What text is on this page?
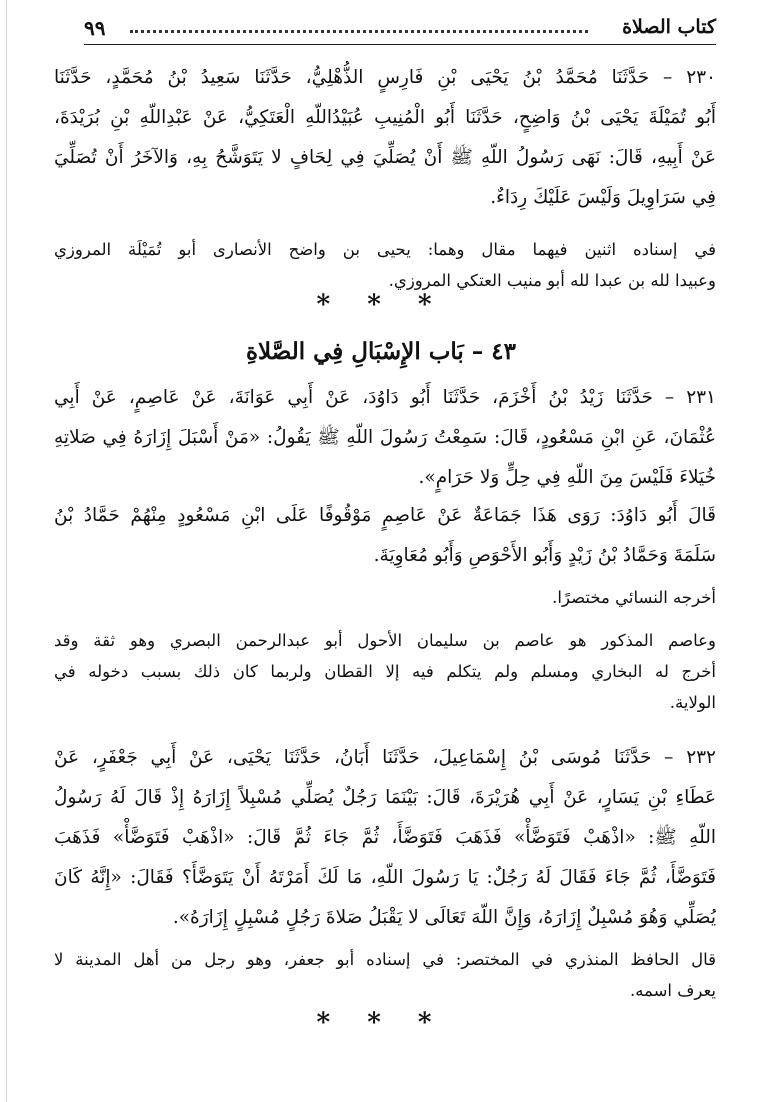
كتاب الصلاة
٩٩
٢٣٠ – حَدَّثَنَا مُحَمَّدُ بْنُ يَحْيَى بْنِ فَارِسٍ الذُّهْلِيُّ، حَدَّثَنَا سَعِيدُ بْنُ مُحَمَّدٍ، حَدَّثَنَا
أَبُو تُمَيْلَةَ يَحْيَى بْنُ وَاضِحٍ، حَدَّثَنَا أَبُو الْمُنِيبِ عُبَيْدُاللّهِ الْعَتَكِيُّ، عَنْ عَبْدِاللّهِ بْنِ بُرَيْدَةَ،
عَنْ أَبِيهِ، قَالَ: نَهَى رَسُولُ اللّهِ ﷺ أَنْ يُصَلِّيَ فِي لِحَافٍ لا يَتَوَشَّحُ بِهِ، وَالآخَرُ أَنْ تُصَلِّيَ
فِي سَرَاوِيلَ وَلَيْسَ عَلَيْكَ رِدَاءٌ.
في إسناده اثنين فيهما مقال وهما: يحيى بن واضح الأنصارى أبو تُمَيْلَة المروزي
وعبيدا لله بن عبدا لله أبو منيب العتكي المروزي.
* * *
٤٣ – بَاب الإِسْبَالِ فِي الصَّلاةِ
٢٣١ – حَدَّثَنَا زَيْدُ بْنُ أَخْزَمَ، حَدَّثَنَا أَبُو دَاوُدَ، عَنْ أَبِي عَوَانَةَ، عَنْ عَاصِمٍ، عَنْ أَبِي
عُثْمَانَ، عَنِ ابْنِ مَسْعُودٍ، قَالَ: سَمِعْتُ رَسُولَ اللّهِ ﷺ يَقُولُ: «مَنْ أَسْبَلَ إِزَارَهُ فِي صَلاتِهِ
خُيَلاءَ فَلَيْسَ مِنَ اللّهِ فِي حِلٍّ وَلا حَرَامٍ».
قَالَ أَبُو دَاوُدَ: رَوَى هَذَا جَمَاعَةٌ عَنْ عَاصِمٍ مَوْقُوفًا عَلَى ابْنِ مَسْعُودٍ مِنْهُمْ حَمَّادُ بْنُ
سَلَمَةَ وَحَمَّادُ بْنُ زَيْدٍ وَأَبُو الأَحْوَصِ وَأَبُو مُعَاوِيَةَ.
أخرجه النسائي مختصرًا.
وعاصم المذكور هو عاصم بن سليمان الأحول أبو عبدالرحمن البصري وهو ثقة وقد
أخرج له البخاري ومسلم ولم يتكلم فيه إلا القطان ولربما كان ذلك بسبب دخوله في
الولاية.
٢٣٢ – حَدَّثَنَا مُوسَى بْنُ إِسْمَاعِيلَ، حَدَّثَنَا أَبَانُ، حَدَّثَنَا يَحْيَى، عَنْ أَبِي جَعْفَرٍ، عَنْ
عَطَاءِ بْنِ يَسَارٍ، عَنْ أَبِي هُرَيْرَةَ، قَالَ: بَيْنَمَا رَجُلٌ يُصَلِّي مُسْبِلاً إِزَارَهُ إِذْ قَالَ لَهُ رَسُولُ
اللّهِ ﷺ: «اذْهَبْ فَتَوَضَّأْ» فَذَهَبَ فَتَوَضَّأَ، ثُمَّ جَاءَ ثُمَّ قَالَ: «اذْهَبْ فَتَوَضَّأْ» فَذَهَبَ
فَتَوَضَّأَ، ثُمَّ جَاءَ فَقَالَ لَهُ رَجُلٌ: يَا رَسُولَ اللّهِ، مَا لَكَ أَمَرْتَهُ أَنْ يَتَوَضَّأَ؟ فَقَالَ: «إِنَّهُ كَانَ
يُصَلِّي وَهُوَ مُسْبِلٌ إِزَارَهُ، وَإِنَّ اللّهَ تَعَالَى لا يَقْبَلُ صَلاةَ رَجُلٍ مُسْبِلٍ إِزَارَهُ».
قال الحافظ المنذري في المختصر: في إسناده أبو جعفر، وهو رجل من أهل المدينة لا
يعرف اسمه.
* * *
